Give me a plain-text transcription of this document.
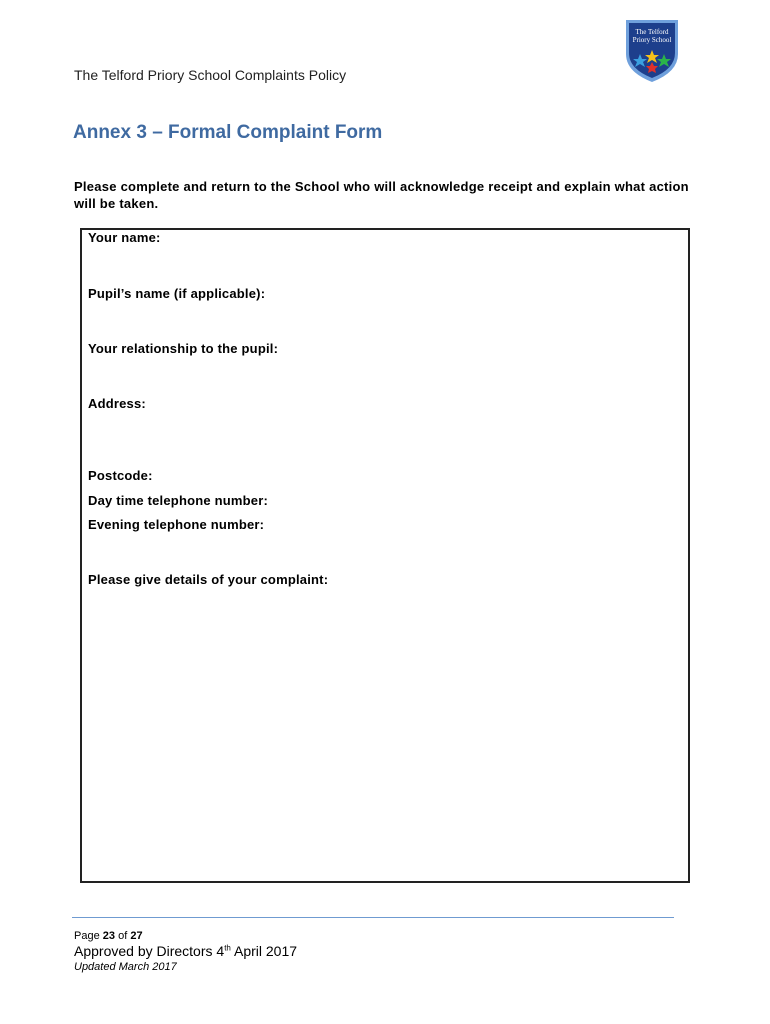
The Telford Priory School Complaints Policy
The Telford
Priory School
Annex 3 – Formal Complaint Form
Please complete and return to the School who will acknowledge receipt and explain what action will be taken.
Your name:
Pupil’s name (if applicable):
Your relationship to the pupil:
Address:
Postcode:
Day time telephone number:
Evening telephone number:
Please give details of your complaint:
Page 23 of 27
Approved by Directors 4th April 2017
Updated March 2017
